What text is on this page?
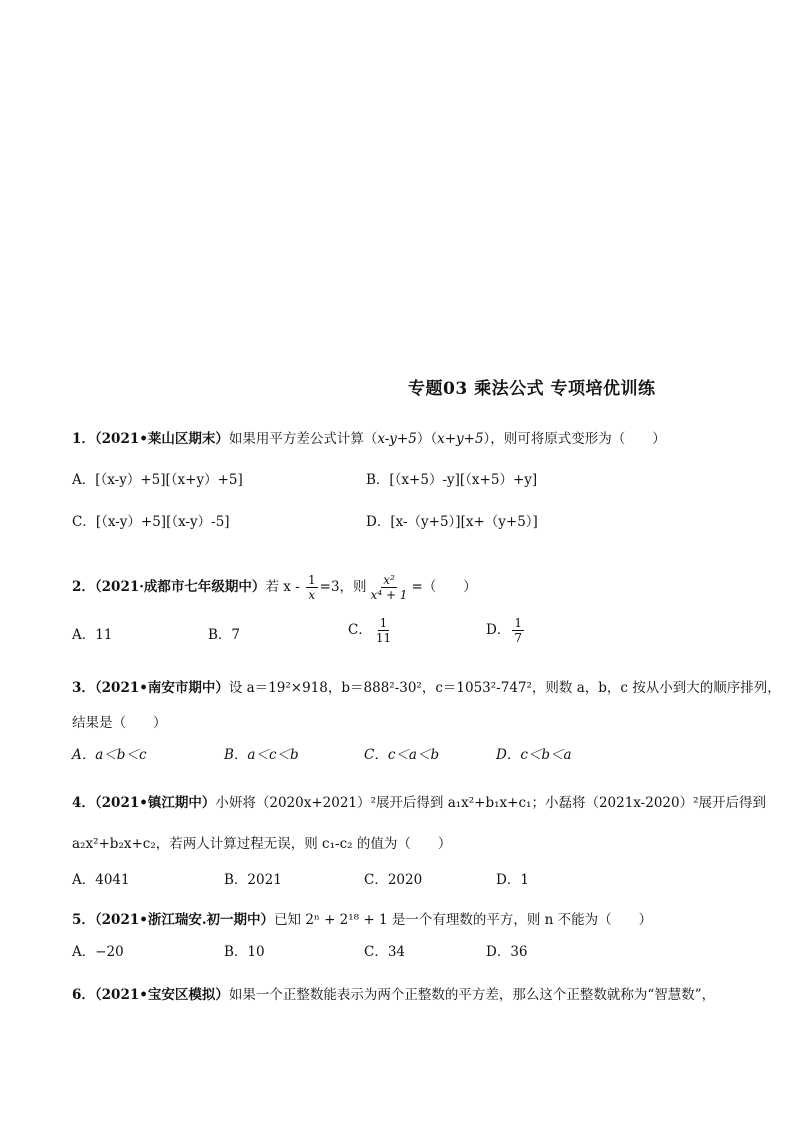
专题03 乘法公式 专项培优训练
1．（2021•莱山区期末）如果用平方差公式计算（x-y+5）（x+y+5），则可将原式变形为（　　）
A．[（x-y）+5][（x+y）+5]	B．[（x+5）-y][（x+5）+y]
C．[（x-y）+5][（x-y）-5]	D．[x-（y+5）][x+（y+5）]
2．（2021·成都市七年级期中）若 $x - \frac{1}{x} =3$，则 $\frac{\text{x²}}{\text{x⁴ + 1}}$ =（　　）
A．11	B．7	C． $\frac{1}{11}$	D． $\frac{1}{7}$
3．（2021•南安市期中）设 a＝19²×918，b＝888²-30²，c＝1053²-747²，则数 a，b，c 按从小到大的顺序排列，
结果是（　　）
A．a＜b＜c	B．a＜c＜b	C．c＜a＜b	D．c＜b＜a
4．（2021•镇江期中）小妍将（2020x+2021）²展开后得到 a₁x²+b₁x+c₁；小磊将（2021x-2020）²展开后得到
a₂x²+b₂x+c₂，若两人计算过程无误，则 c₁-c₂ 的值为（　　）
A．4041	B．2021	C．2020	D．1
5．（2021•浙江瑞安.初一期中）已知 2ⁿ + 2¹⁸ + 1 是一个有理数的平方，则 n 不能为（　　）
A．−20	B．10	C．34	D．36
6．（2021•宝安区模拟）如果一个正整数能表示为两个正整数的平方差，那么这个正整数就称为“智慧数”，
